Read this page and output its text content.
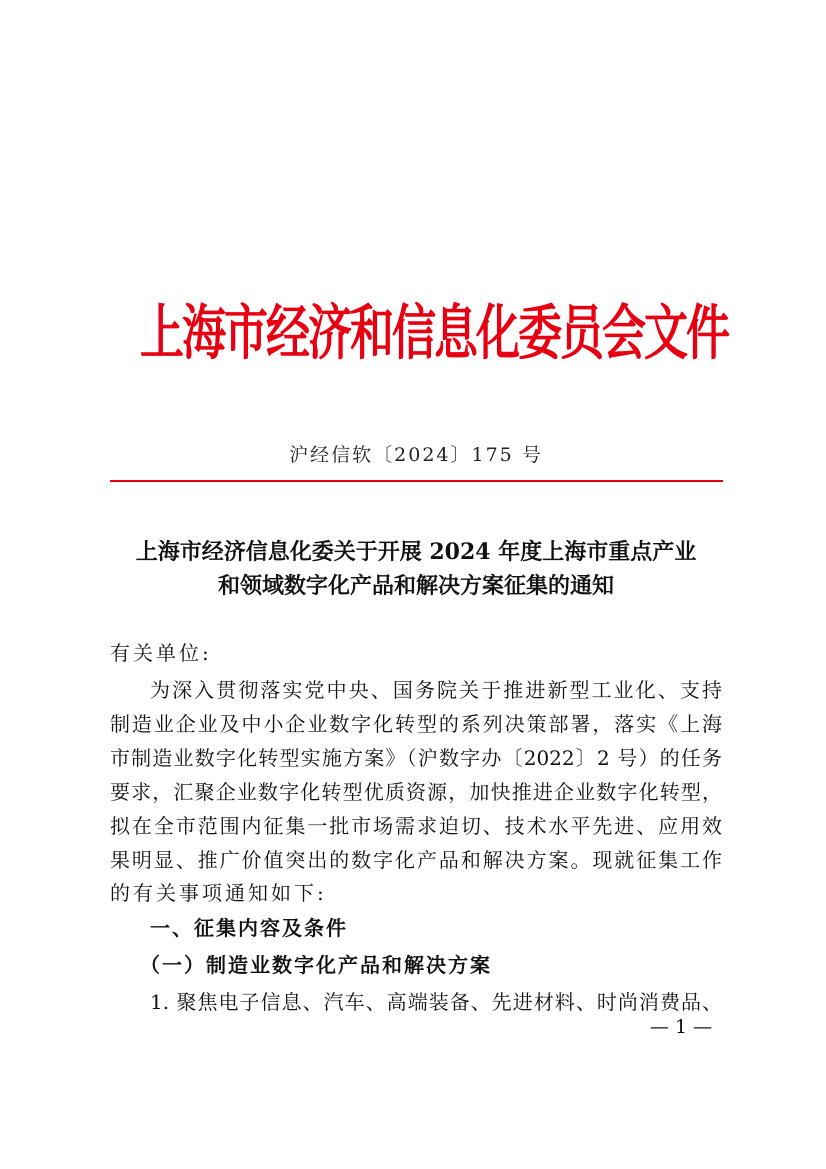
上海市经济和信息化委员会文件
沪经信软〔2024〕175 号
上海市经济信息化委关于开展 2024 年度上海市重点产业
和领域数字化产品和解决方案征集的通知
有关单位:
为深入贯彻落实党中央、国务院关于推进新型工业化、支持
制造业企业及中小企业数字化转型的系列决策部署，落实《上海
市制造业数字化转型实施方案》（沪数字办〔2022〕2 号）的任务
要求，汇聚企业数字化转型优质资源，加快推进企业数字化转型，
拟在全市范围内征集一批市场需求迫切、技术水平先进、应用效
果明显、推广价值突出的数字化产品和解决方案。现就征集工作
的有关事项通知如下:
一、征集内容及条件
（一）制造业数字化产品和解决方案
1. 聚焦电子信息、汽车、高端装备、先进材料、时尚消费品、
— 1 —
